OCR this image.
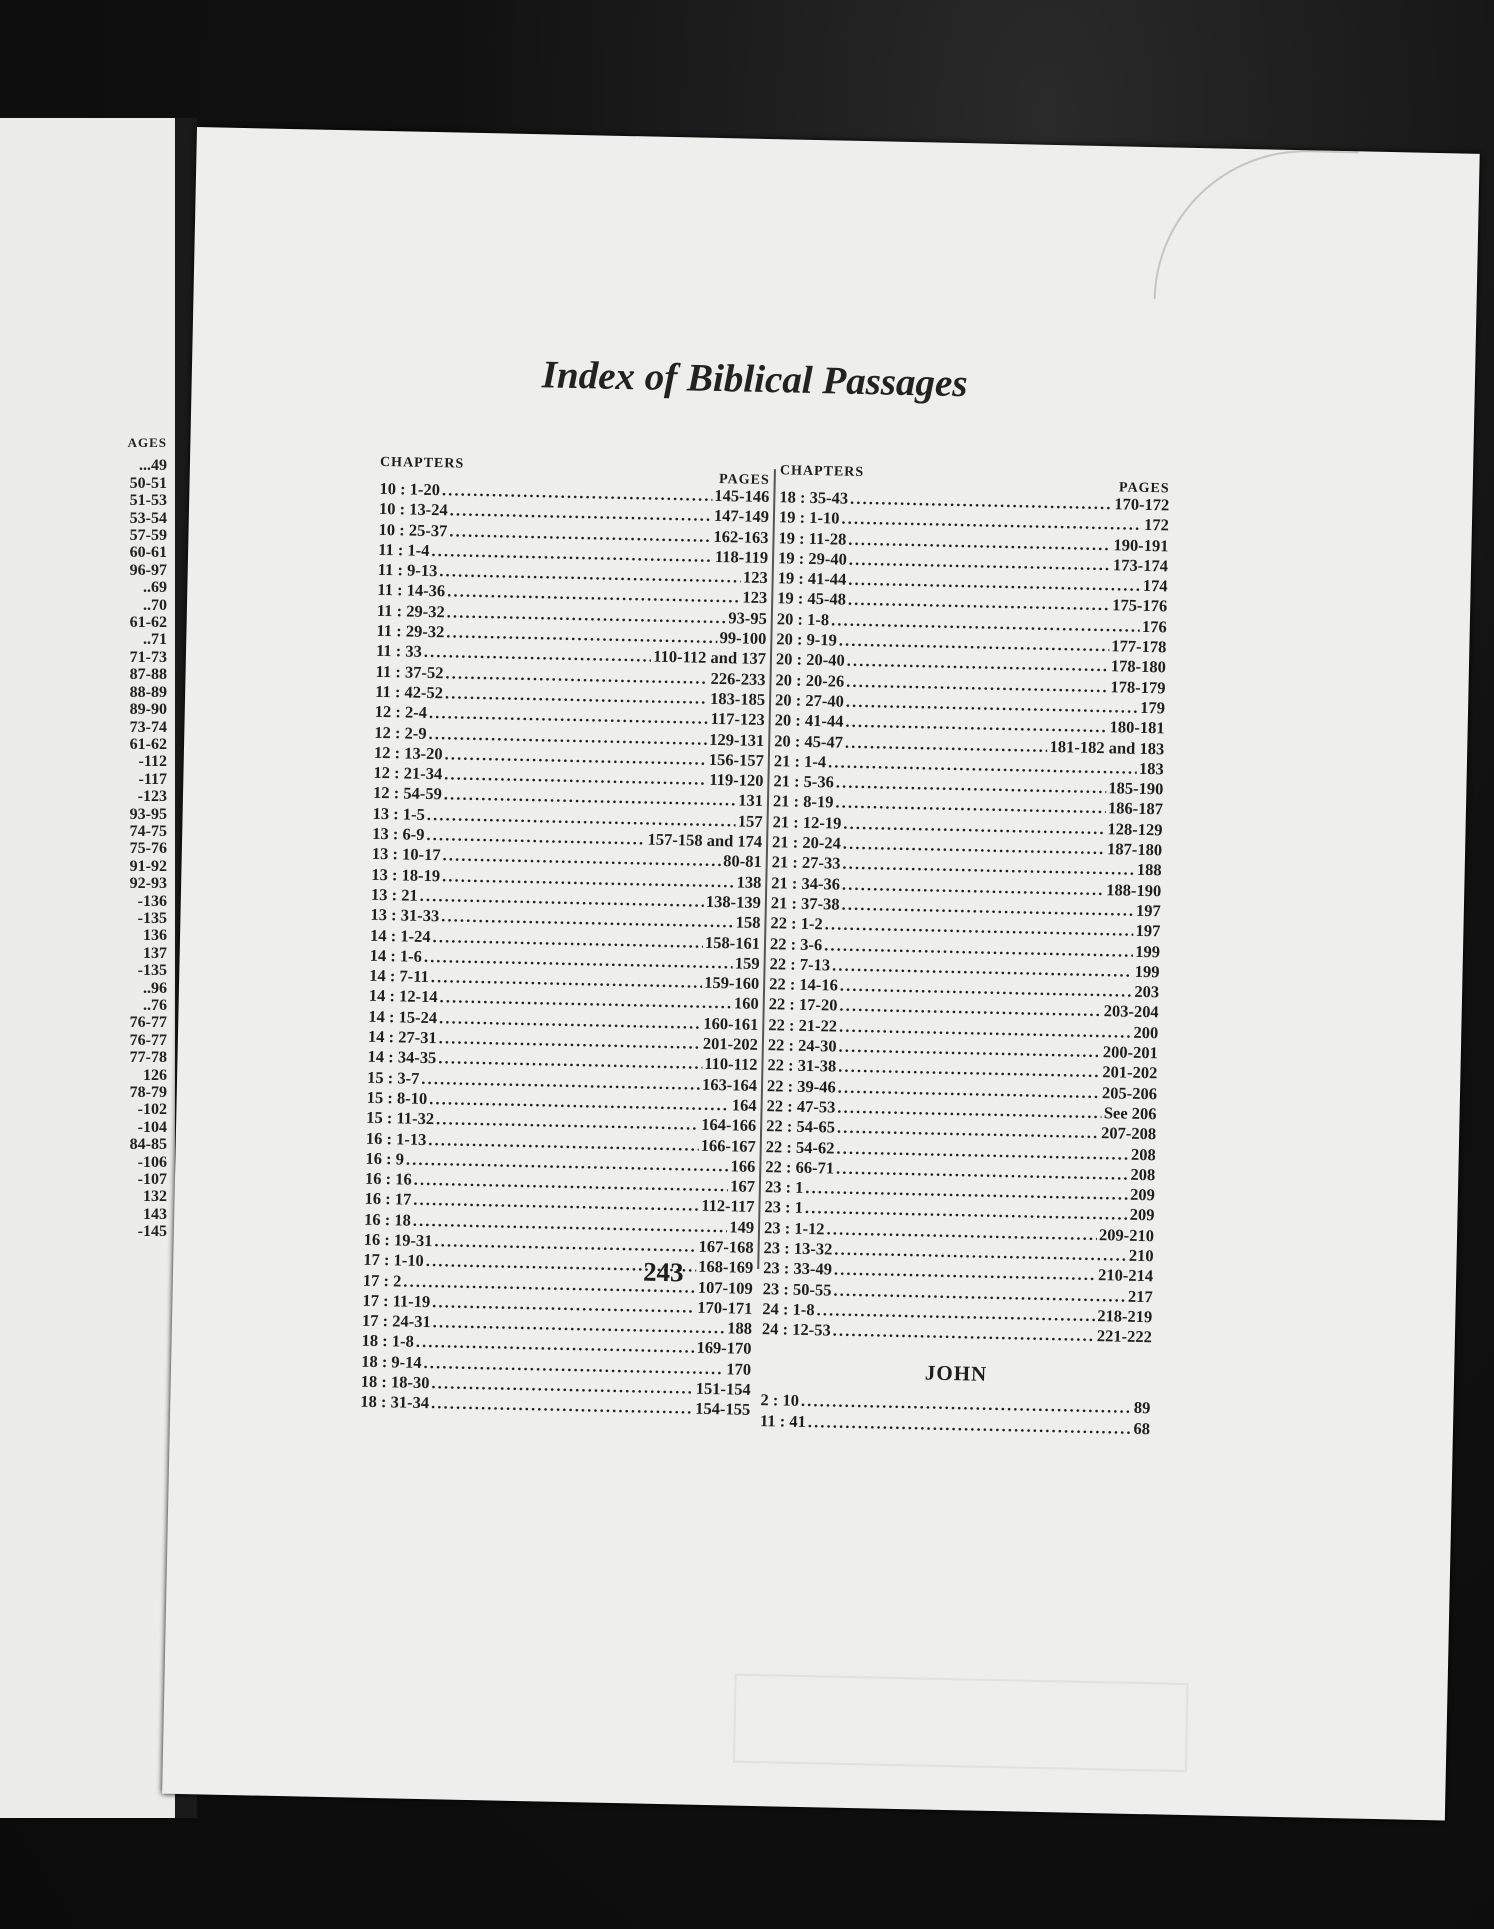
AGES
...49
50-51
51-53
53-54
57-59
60-61
96-97
..69
..70
61-62
..71
71-73
87-88
88-89
89-90
73-74
61-62
-112
-117
-123
93-95
74-75
75-76
91-92
92-93
-136
-135
136
137
-135
..96
..76
76-77
76-77
77-78
126
78-79
-102
-104
84-85
-106
-107
132
143
-145
Index of Biblical Passages
CHAPTERS
PAGES
10 : 1-20 . . .	145-146
10 : 13-24 . . .	147-149
10 : 25-37 . . .	162-163
11 : 1-4 . . .	118-119
11 : 9-13 . . .	123
11 : 14-36 . . .	123
11 : 29-32 . . .	93-95
11 : 29-32 . . .	99-100
11 : 33 . . .	110-112 and 137
11 : 37-52 . . .	226-233
11 : 42-52 . . .	183-185
12 : 2-4 . . .	117-123
12 : 2-9 . . .	129-131
12 : 13-20 . . .	156-157
12 : 21-34 . . .	119-120
12 : 54-59 . . .	131
13 : 1-5 . . .	157
13 : 6-9 . . .	157-158 and 174
13 : 10-17 . . .	80-81
13 : 18-19 . . .	138
13 : 21 . . .	138-139
13 : 31-33 . . .	158
14 : 1-24 . . .	158-161
14 : 1-6 . . .	159
14 : 7-11 . . .	159-160
14 : 12-14 . . .	160
14 : 15-24 . . .	160-161
14 : 27-31 . . .	201-202
14 : 34-35 . . .	110-112
15 : 3-7 . . .	163-164
15 : 8-10 . . .	164
15 : 11-32 . . .	164-166
16 : 1-13 . . .	166-167
16 : 9 . . .	166
16 : 16 . . .	167
16 : 17 . . .	112-117
16 : 18 . . .	149
16 : 19-31 . . .	167-168
17 : 1-10 . . .	168-169
17 : 2 . . .	107-109
17 : 11-19 . . .	170-171
17 : 24-31 . . .	188
18 : 1-8 . . .	169-170
18 : 9-14 . . .	170
18 : 18-30 . . .	151-154
18 : 31-34 . . .	154-155
CHAPTERS
PAGES
18 : 35-43 . . .	170-172
19 : 1-10 . . .	172
19 : 11-28 . . .	190-191
19 : 29-40 . . .	173-174
19 : 41-44 . . .	174
19 : 45-48 . . .	175-176
20 : 1-8 . . .	176
20 : 9-19 . . .	177-178
20 : 20-40 . . .	178-180
20 : 20-26 . . .	178-179
20 : 27-40 . . .	179
20 : 41-44 . . .	180-181
20 : 45-47 . . .	181-182 and 183
21 : 1-4 . . .	183
21 : 5-36 . . .	185-190
21 : 8-19 . . .	186-187
21 : 12-19 . . .	128-129
21 : 20-24 . . .	187-180
21 : 27-33 . . .	188
21 : 34-36 . . .	188-190
21 : 37-38 . . .	197
22 : 1-2 . . .	197
22 : 3-6 . . .	199
22 : 7-13 . . .	199
22 : 14-16 . . .	203
22 : 17-20 . . .	203-204
22 : 21-22 . . .	200
22 : 24-30 . . .	200-201
22 : 31-38 . . .	201-202
22 : 39-46 . . .	205-206
22 : 47-53 . . .	See 206
22 : 54-65 . . .	207-208
22 : 54-62 . . .	208
22 : 66-71 . . .	208
23 : 1 . . .	209
23 : 1 . . .	209
23 : 1-12 . . .	209-210
23 : 13-32 . . .	210
23 : 33-49 . . .	210-214
23 : 50-55 . . .	217
24 : 1-8 . . .	218-219
24 : 12-53 . . .	221-222
JOHN
2 : 10 . . .	89
11 : 41 . . .	68
243
